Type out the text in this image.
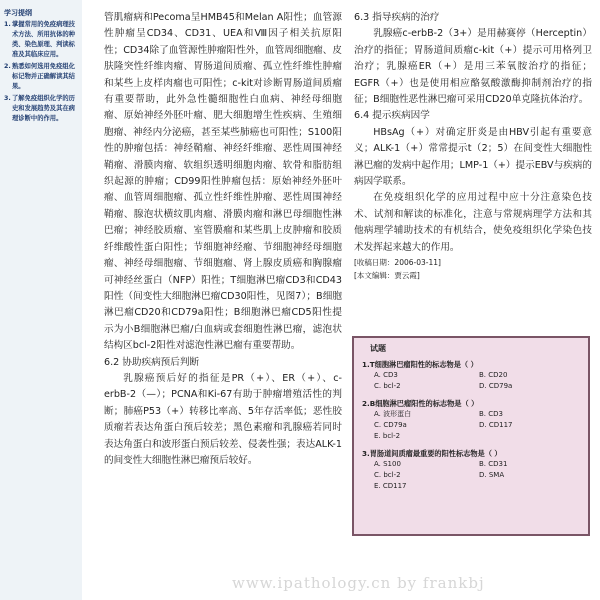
学习提纲
1. 掌握常用的免疫病理技术方法、所用抗体的种类、染色原理、判读标准及其临床应用。
2. 熟悉如何选用免疫组化标记物并正确解读其结果。
3. 了解免疫组织化学的历史和发展趋势及其在病理诊断中的作用。

管肌瘤病和Pecoma呈HMB45和Melan A阳性；血管源性肿瘤呈CD34、CD31、UEA和Ⅷ因子相关抗原阳性；CD34除了血管源性肿瘤阳性外，血管周细胞瘤、皮肤隆突性纤维肉瘤、胃肠道间质瘤、孤立性纤维性肿瘤和某些上皮样肉瘤也可阳性；c-kit对诊断胃肠道间质瘤有重要帮助，此外急性髓细胞性白血病、神经母细胞瘤、原始神经外胚叶瘤、肥大细胞增生性疾病、生殖细胞瘤、神经内分泌癌，甚至某些肺癌也可阳性；S100阳性的肿瘤包括：神经鞘瘤、神经纤维瘤、恶性周围神经鞘瘤、滑膜肉瘤、软组织透明细胞肉瘤、软骨和脂肪组织起源的肿瘤；CD99阳性肿瘤包括：原始神经外胚叶瘤、血管周细胞瘤、孤立性纤维性肿瘤、恶性周围神经鞘瘤、腺泡状横纹肌肉瘤、滑膜肉瘤和淋巴母细胞性淋巴瘤；神经胶质瘤、室管膜瘤和某些肌上皮肿瘤和胶质纤维酸性蛋白阳性；节细胞神经瘤、节细胞神经母细胞瘤、神经母细胞瘤、节细胞瘤、肾上腺皮质癌和胸腺瘤可神经丝蛋白（NFP）阳性；T细胞淋巴瘤CD3和CD43阳性（间变性大细胞淋巴瘤CD30阳性，见图7）；B细胞淋巴瘤CD20和CD79a阳性；B细胞淋巴瘤CD5阳性提示为小B细胞淋巴瘤/白血病或套细胞性淋巴瘤，滤泡状结构区bcl-2阳性对滤泡性淋巴瘤有重要帮助。

6.2 协助疾病预后判断

乳腺癌预后好的指征是PR（+）、ER（+）、c-erbB-2（—）；PCNA和Ki-67有助于肿瘤增殖活性的判断；肺癌P53（+）转移比率高、5年存活率低；恶性胶质瘤若表达角蛋白预后较差；黑色素瘤和乳腺癌若同时表达角蛋白和波形蛋白预后较差、侵袭性强；表达ALK-1的间变性大细胞性淋巴瘤预后较好。

6.3 指导疾病的治疗

乳腺癌c-erbB-2（3+）是用赫赛停（Herceptin）治疗的指征；胃肠道间质瘤c-kit（+）提示可用格列卫治疗；乳腺癌ER（+）是用三苯氧胺治疗的指征；EGFR（+）也是使用相应酪氨酸激酶抑制剂治疗的指征；B细胞性恶性淋巴瘤可采用CD20单克隆抗体治疗。

6.4 提示疾病因学

HBsAg（+）对确定肝炎是由HBV引起有重要意义；ALK-1（+）常常提示t（2；5）在间变性大细胞性淋巴瘤的发病中起作用；LMP-1（+）提示EBV与疾病的病因学联系。

在免疫组织化学的应用过程中应十分注意染色技术、试剂和解读的标准化，注意与常规病理学方法和其他病理学辅助技术的有机结合，使免疫组织化学染色技术发挥起来越大的作用。

[收稿日期：2006-03-11]

[本文编辑：贾云霞]

试题

1.T细胞淋巴瘤阳性的标志物是（ ）

A. CD3	B. CD20
C. bcl-2	D. CD79a

2.B细胞淋巴瘤阳性的标志物是（ ）

A. 波形蛋白	B. CD3
C. CD79a	D. CD117
E. bcl-2

3.胃肠道间质瘤最重要的阳性标志物是（ ）

A. S100	B. CD31
C. bcl-2	D. SMA
E. CD117
www.ipathology.cn by frankbj
